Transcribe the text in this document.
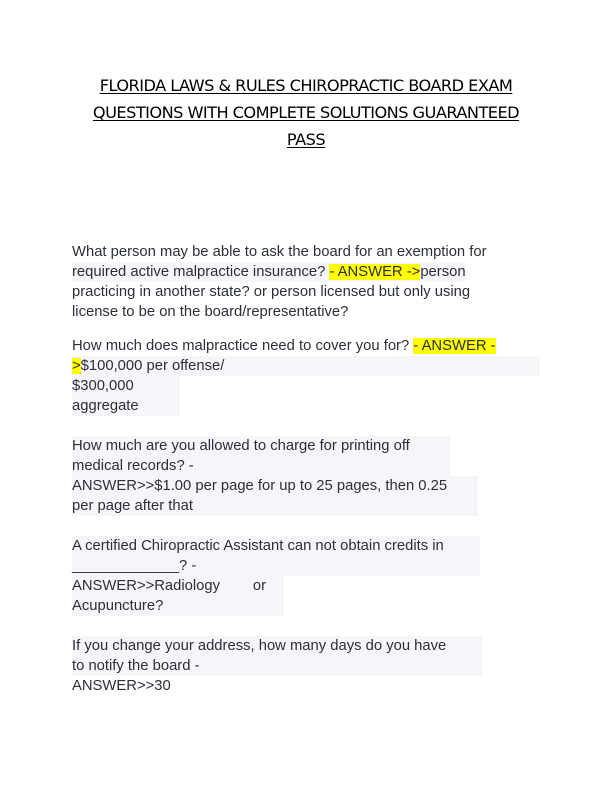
FLORIDA LAWS & RULES CHIROPRACTIC BOARD EXAM
QUESTIONS WITH COMPLETE SOLUTIONS GUARANTEED
PASS
What person may be able to ask the board for an exemption for
required active malpractice insurance? - ANSWER ->person
practicing in another state? or person licensed but only using
license to be on the board/representative?
How much does malpractice need to cover you for? - ANSWER -
>$100,000 per offense/
$300,000
aggregate
How much are you allowed to charge for printing off
medical records? -
ANSWER>>$1.00 per page for up to 25 pages, then 0.25
per page after that
A certified Chiropractic Assistant can not obtain credits in
_____________? -
ANSWER>>Radiology        or
Acupuncture?
If you change your address, how many days do you have
to notify the board -
ANSWER>>30
